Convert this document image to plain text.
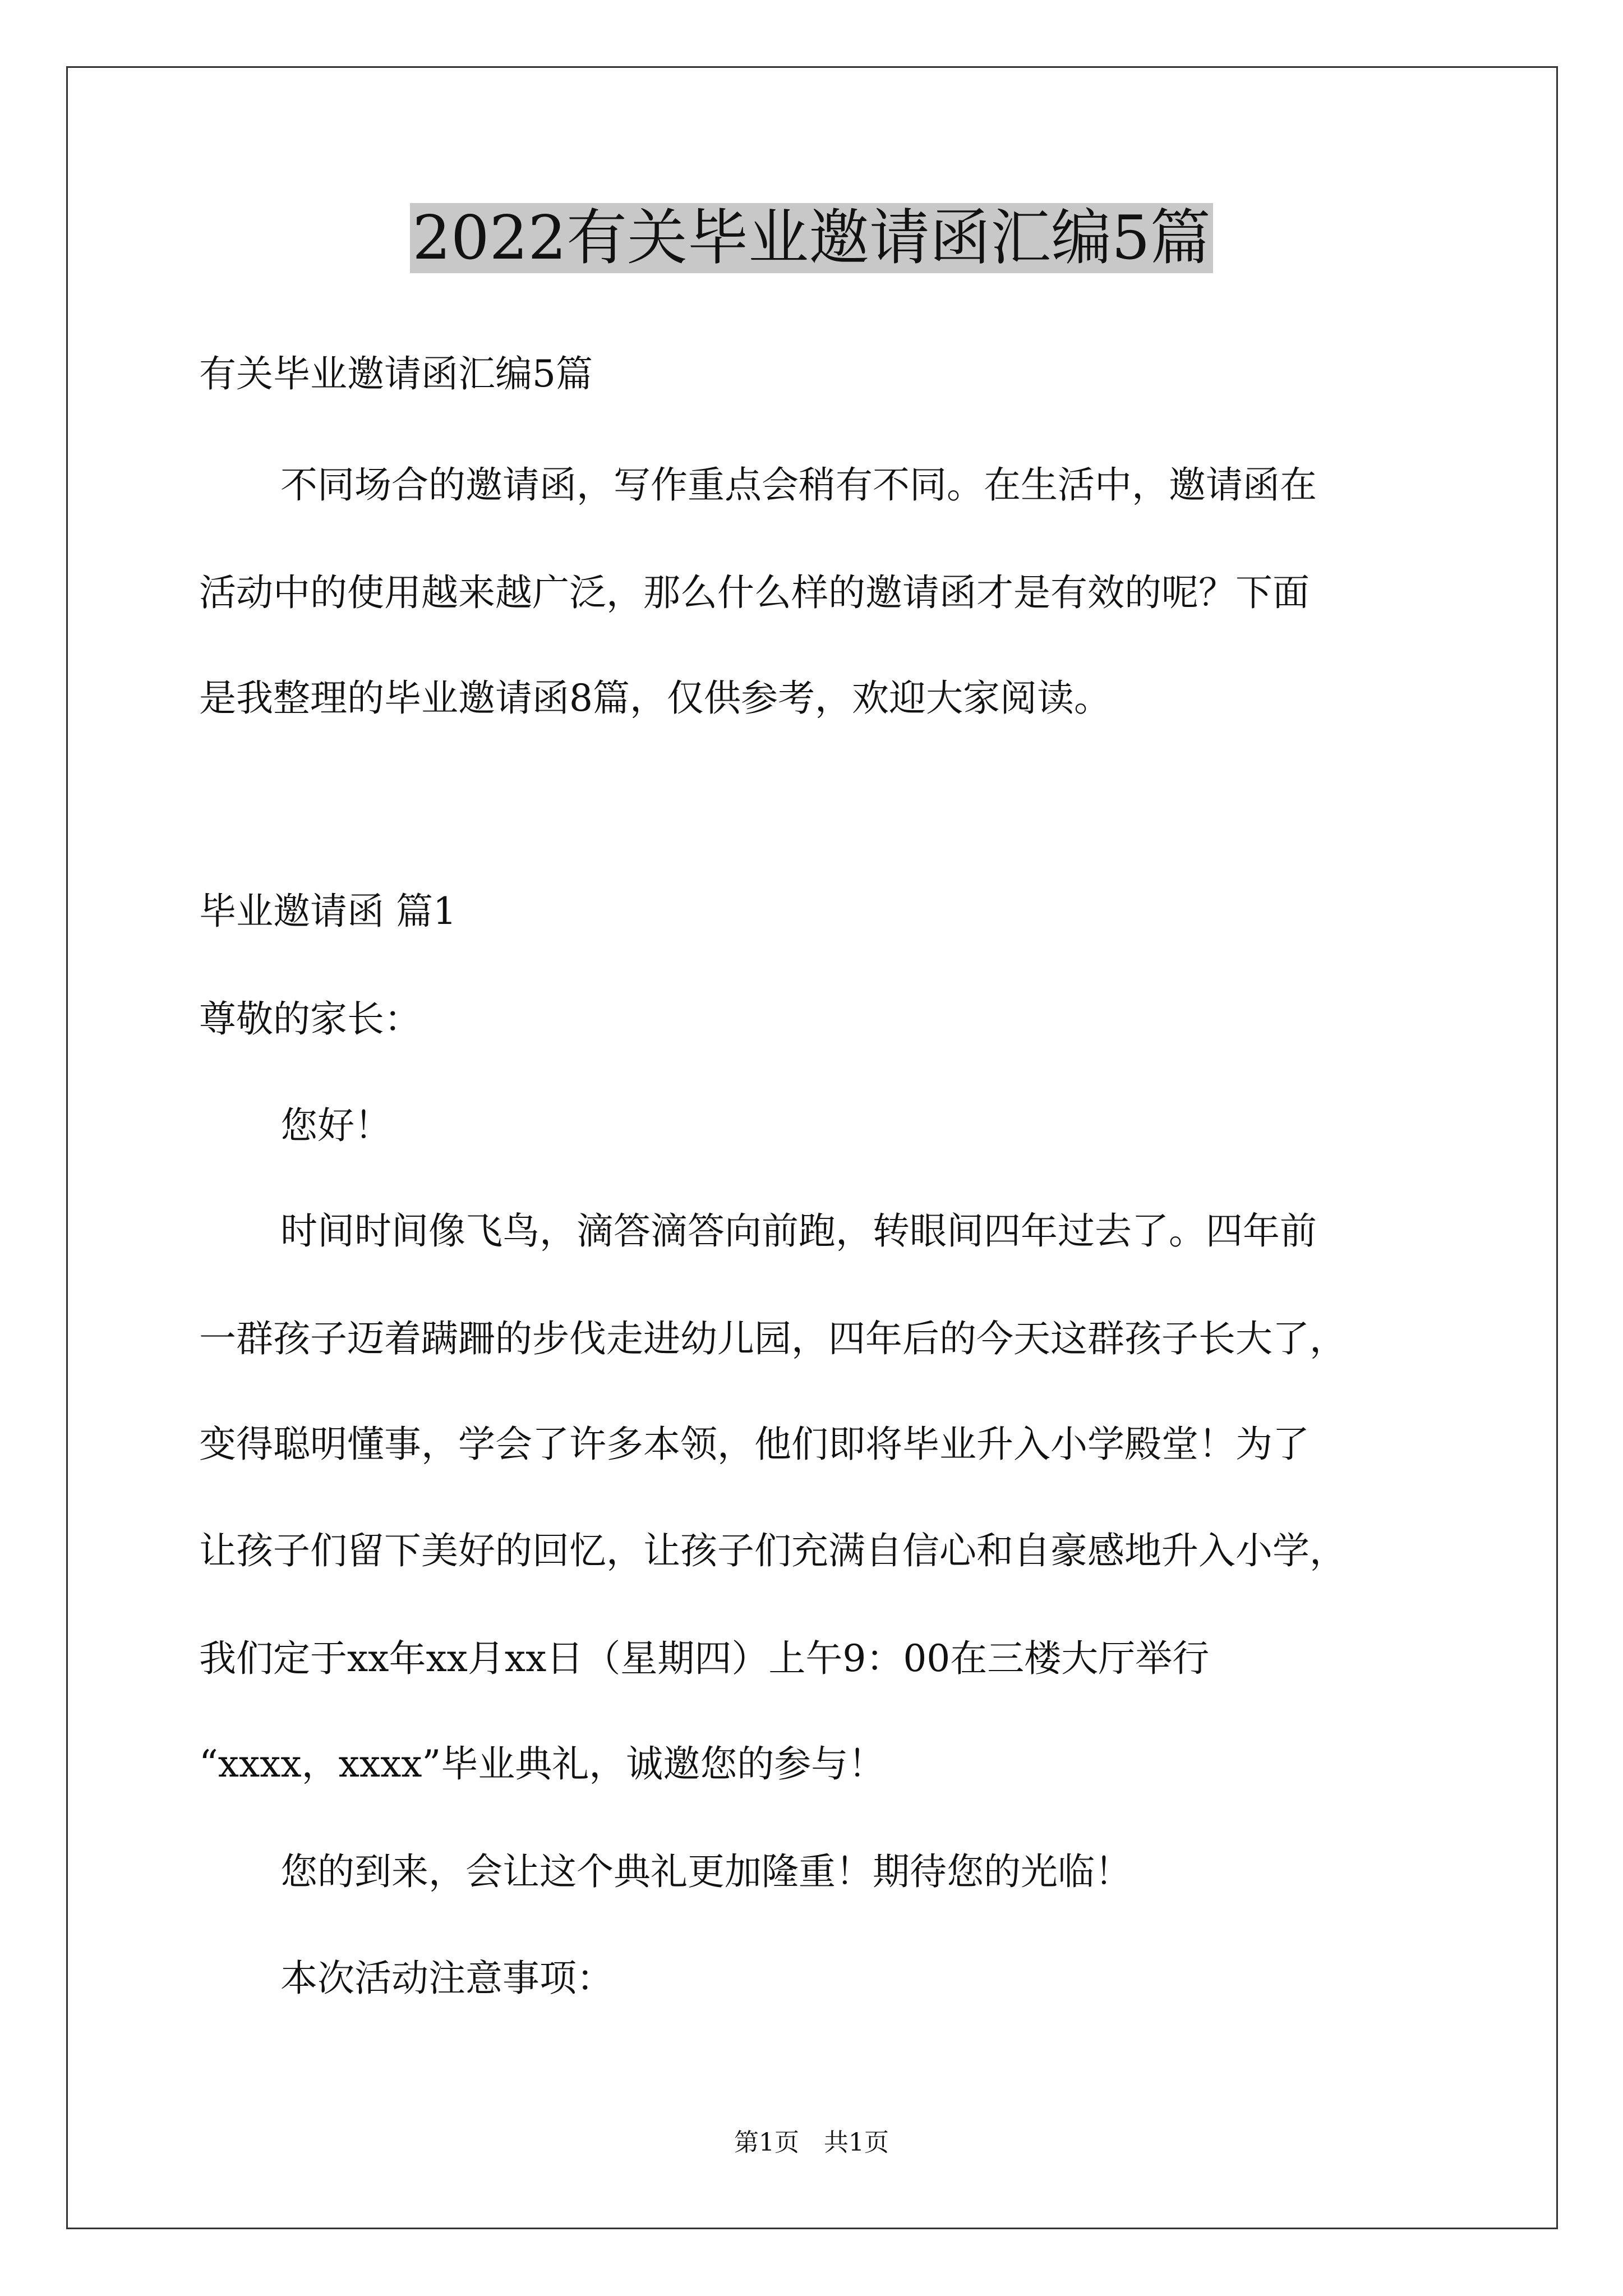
2022有关毕业邀请函汇编5篇
有关毕业邀请函汇编5篇
不同场合的邀请函，写作重点会稍有不同。在生活中，邀请函在
活动中的使用越来越广泛，那么什么样的邀请函才是有效的呢？下面
是我整理的毕业邀请函8篇，仅供参考，欢迎大家阅读。
毕业邀请函 篇1
尊敬的家长：
您好！
时间时间像飞鸟，滴答滴答向前跑，转眼间四年过去了。四年前
一群孩子迈着蹒跚的步伐走进幼儿园，四年后的今天这群孩子长大了，
变得聪明懂事，学会了许多本领，他们即将毕业升入小学殿堂！为了
让孩子们留下美好的回忆，让孩子们充满自信心和自豪感地升入小学，
我们定于xx年xx月xx日（星期四）上午9：00在三楼大厅举行
“xxxx，xxxx”毕业典礼，诚邀您的参与！
您的到来，会让这个典礼更加隆重！期待您的光临！
本次活动注意事项：
第1页　共1页
